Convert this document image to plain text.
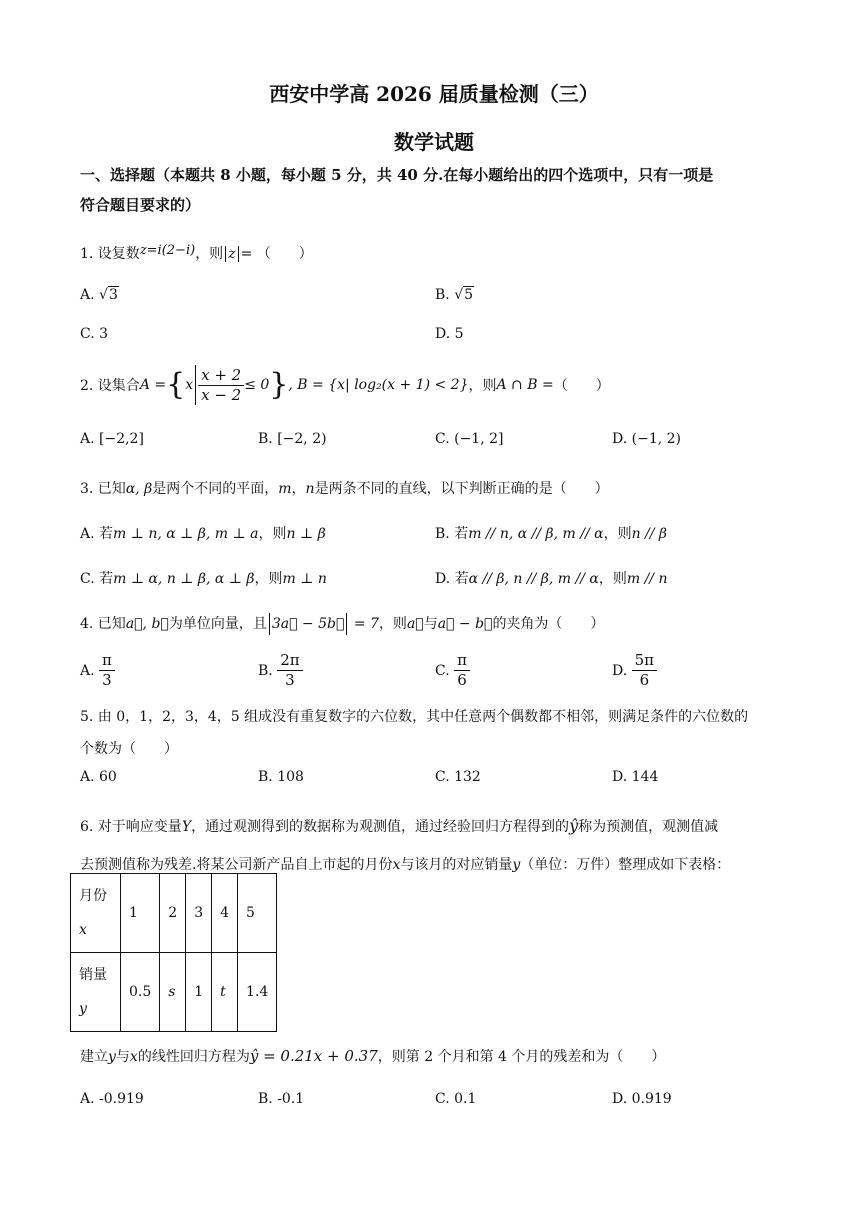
西安中学高 2026 届质量检测（三）
数学试题
一、选择题（本题共 8 小题，每小题 5 分，共 40 分.在每小题给出的四个选项中，只有一项是
符合题目要求的）
1. 设复数z=i(2−i)，则 z = （　　）
A. √3	B. √5
C. 3	D. 5
2. 设集合 A = { x $\frac{x + 2}{x - 2} \le 0$ } , B = {x| log₂(x + 1) < 2} ，则 A ∩ B = （　　）
A. [−2,2]	B. [−2, 2)	C. (−1, 2]	D. (−1, 2)
3. 已知α, β是两个不同的平面，m，n是两条不同的直线，以下判断正确的是（　　）
A. 若m ⊥ n, α ⊥ β, m ⊥ a，则n ⊥ β	B. 若m // n, α // β, m // α，则n // β
C. 若m ⊥ α, n ⊥ β, α ⊥ β，则m ⊥ n	D. 若α // β, n // β, m // α，则m // n
4. 已知a⃗, b⃗为单位向量，且 3a⃗ − 5b⃗ = 7，则a⃗与a⃗ − b⃗的夹角为（　　）
A.
$\frac{\pi}{3}$	B.
$\frac{2\pi}{3}$	C.
$\frac{\pi}{6}$	D.
$\frac{5\pi}{6}$
5. 由 0，1，2，3，4，5 组成没有重复数字的六位数，其中任意两个偶数都不相邻，则满足条件的六位数的
个数为（　　）
A. 60	B. 108	C. 132	D. 144
6. 对于响应变量Y，通过观测得到的数据称为观测值，通过经验回归方程得到的ŷ称为预测值，观测值减
去预测值称为残差.将某公司新产品自上市起的月份x与该月的对应销量y（单位：万件）整理成如下表格：
月份
x	1	2	3	4	5

销量
y	0.5	s	1	t	1.4
建立y与x的线性回归方程为ŷ = 0.21x + 0.37，则第 2 个月和第 4 个月的残差和为（　　）
A. -0.919	B. -0.1	C. 0.1	D. 0.919
